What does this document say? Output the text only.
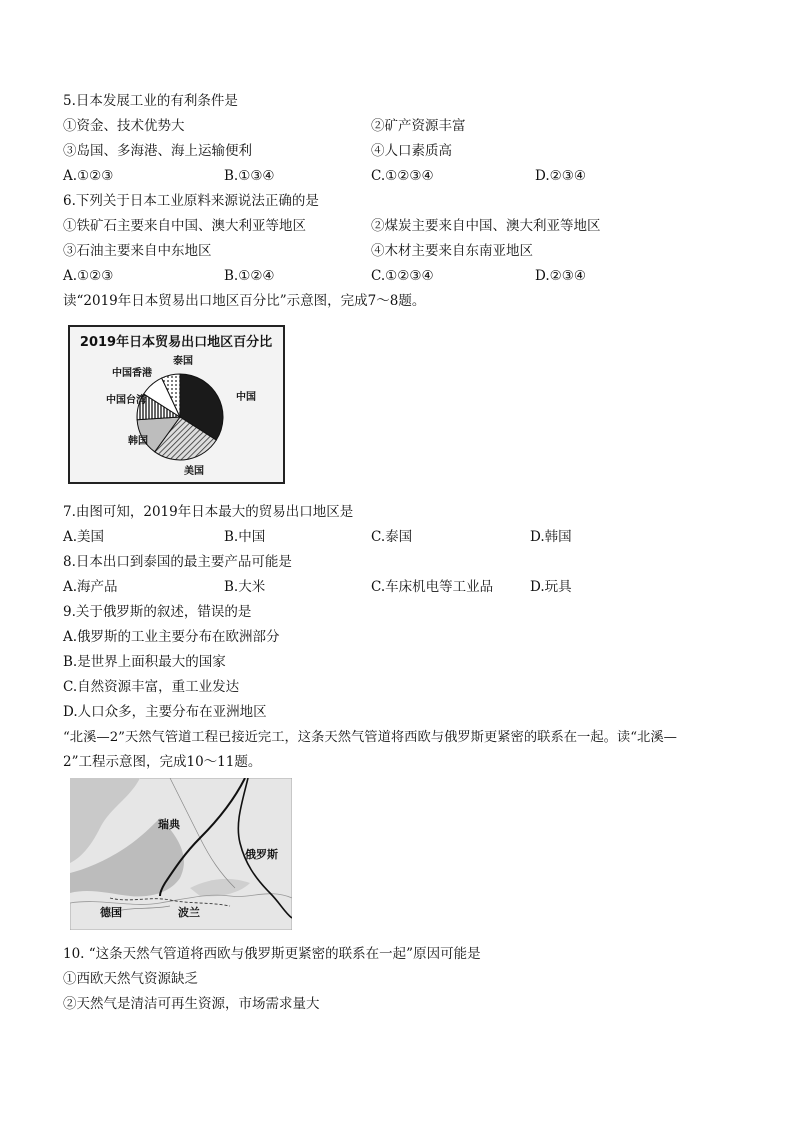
5.日本发展工业的有利条件是
①资金、技术优势大	②矿产资源丰富
③岛国、多海港、海上运输便利	④人口素质高
A.①②③	B.①③④	C.①②③④	D.②③④
6.下列关于日本工业原料来源说法正确的是
①铁矿石主要来自中国、澳大利亚等地区	②煤炭主要来自中国、澳大利亚等地区
③石油主要来自中东地区	④木材主要来自东南亚地区
A.①②③	B.①②④	C.①②③④	D.②③④
读“2019年日本贸易出口地区百分比”示意图，完成7～8题。
2019年日本贸易出口地区百分比
中国
美国
韩国
中国台湾
中国香港
泰国
7.由图可知，2019年日本最大的贸易出口地区是
A.美国	B.中国	C.泰国	D.韩国
8.日本出口到泰国的最主要产品可能是
A.海产品	B.大米	C.车床机电等工业品	D.玩具
9.关于俄罗斯的叙述，错误的是
A.俄罗斯的工业主要分布在欧洲部分
B.是世界上面积最大的国家
C.自然资源丰富，重工业发达
D.人口众多，主要分布在亚洲地区
“北溪—2”天然气管道工程已接近完工，这条天然气管道将西欧与俄罗斯更紧密的联系在一起。读“北溪—
2”工程示意图，完成10～11题。
瑞典
俄罗斯
德国	波兰
10. “这条天然气管道将西欧与俄罗斯更紧密的联系在一起”原因可能是
①西欧天然气资源缺乏
②天然气是清洁可再生资源，市场需求量大
